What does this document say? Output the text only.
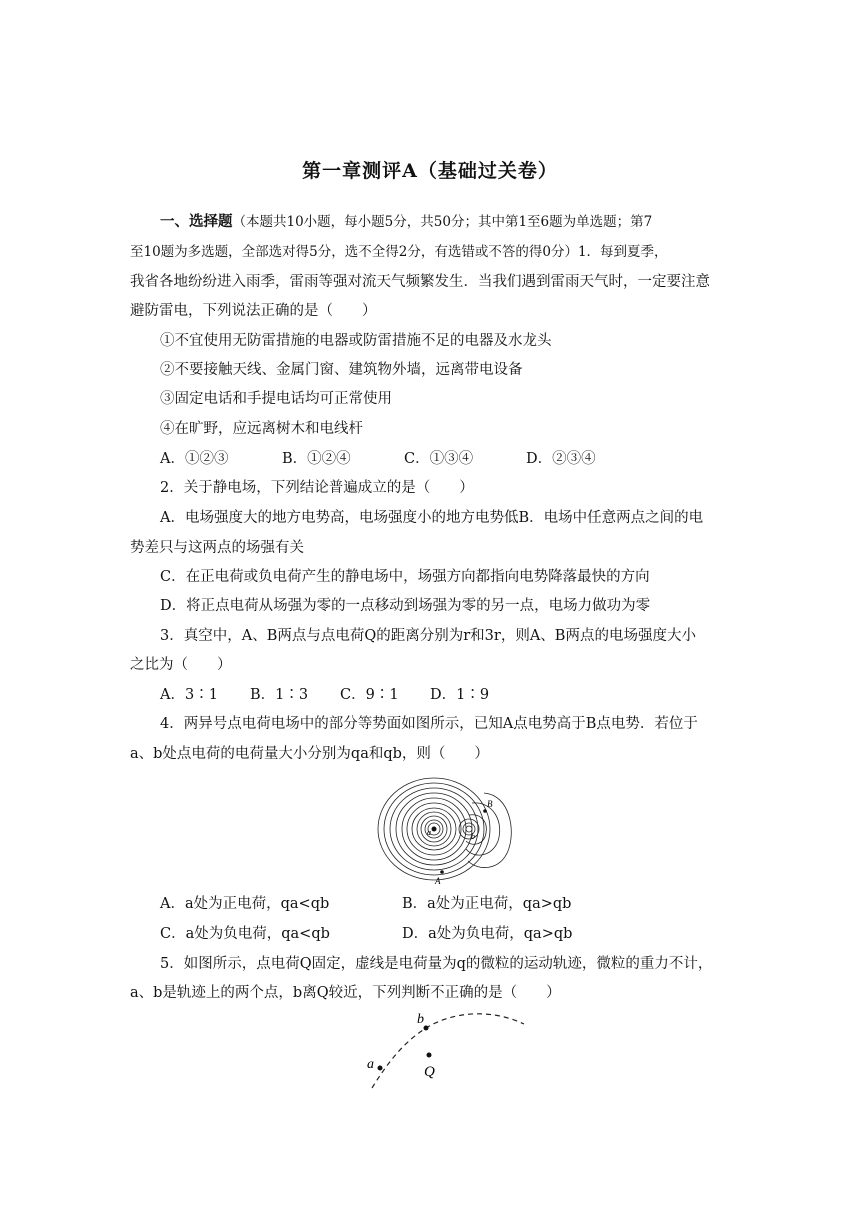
第一章测评A（基础过关卷）
一、选择题（本题共10小题，每小题5分，共50分；其中第1至6题为单选题；第7
至10题为多选题，全部选对得5分，选不全得2分，有选错或不答的得0分）1．每到夏季，
我省各地纷纷进入雨季，雷雨等强对流天气频繁发生．当我们遇到雷雨天气时，一定要注意
避防雷电，下列说法正确的是（　　）
①不宜使用无防雷措施的电器或防雷措施不足的电器及水龙头
②不要接触天线、金属门窗、建筑物外墙，远离带电设备
③固定电话和手提电话均可正常使用
④在旷野，应远离树木和电线杆
A．①②③	B．①②④	C．①③④	D．②③④
2．关于静电场，下列结论普遍成立的是（　　）
A．电场强度大的地方电势高，电场强度小的地方电势低B．电场中任意两点之间的电
势差只与这两点的场强有关
C．在正电荷或负电荷产生的静电场中，场强方向都指向电势降落最快的方向
D．将正点电荷从场强为零的一点移动到场强为零的另一点，电场力做功为零
3．真空中，A、B两点与点电荷Q的距离分别为r和3r，则A、B两点的电场强度大小
之比为（　　）
A．3∶1 B．1∶3 C．9∶1 D．1∶9
4．两异号点电荷电场中的部分等势面如图所示，已知A点电势高于B点电势．若位于
a、b处点电荷的电荷量大小分别为qa和qb，则（　　）
a	b
B
A
A．a处为正电荷，qa<qb	B．a处为正电荷，qa>qb
C．a处为负电荷，qa<qb	D．a处为负电荷，qa>qb
5．如图所示，点电荷Q固定，虚线是电荷量为q的微粒的运动轨迹，微粒的重力不计，
a、b是轨迹上的两个点，b离Q较近，下列判断不正确的是（　　）
a
b
Q
